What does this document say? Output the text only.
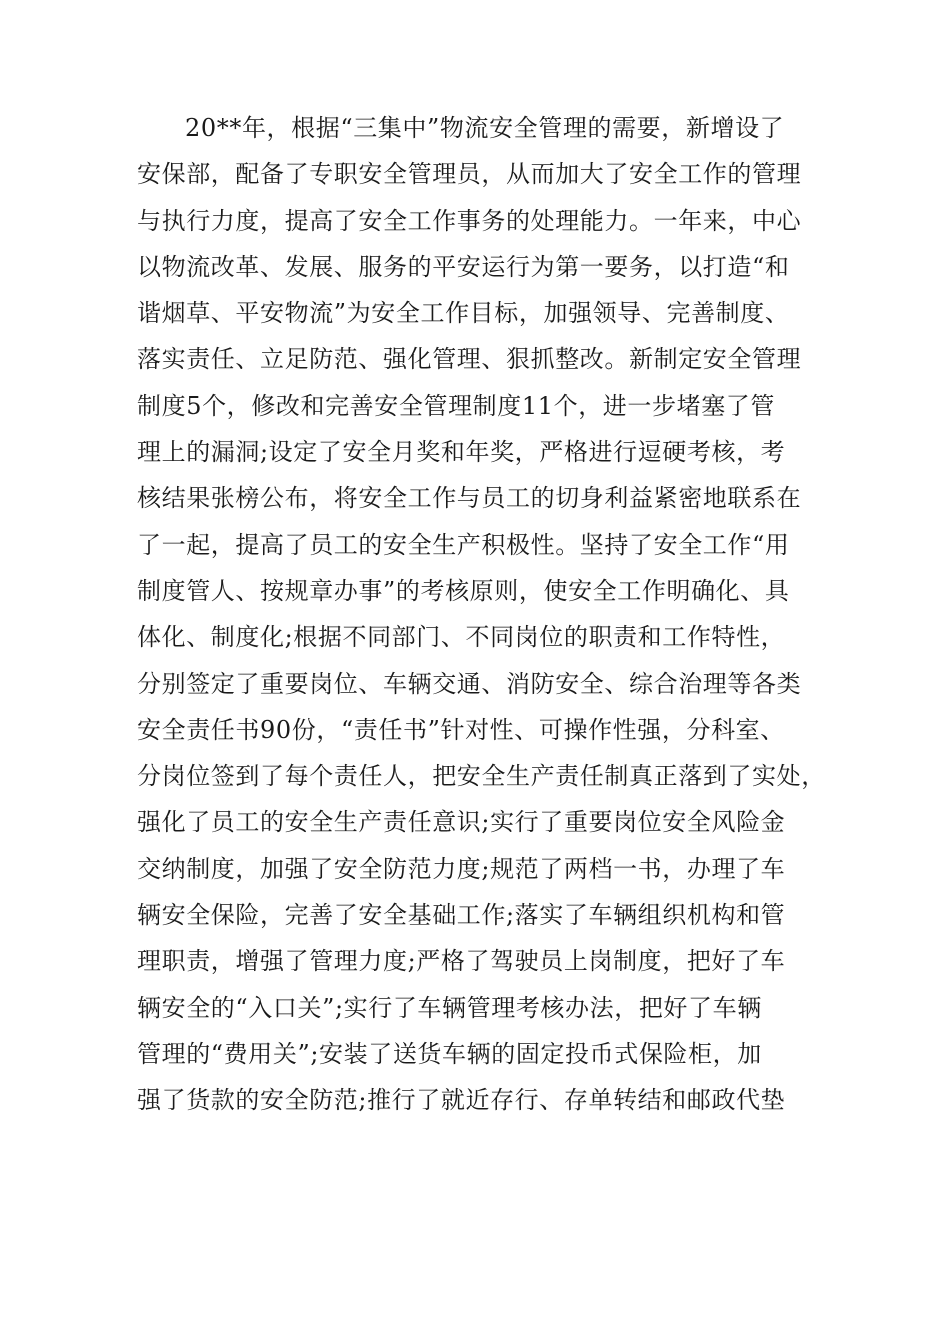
20**年，根据“三集中”物流安全管理的需要，新增设了
安保部，配备了专职安全管理员，从而加大了安全工作的管理
与执行力度，提高了安全工作事务的处理能力。一年来，中心
以物流改革、发展、服务的平安运行为第一要务，以打造“和
谐烟草、平安物流”为安全工作目标，加强领导、完善制度、
落实责任、立足防范、强化管理、狠抓整改。新制定安全管理
制度5个，修改和完善安全管理制度11个，进一步堵塞了管
理上的漏洞;设定了安全月奖和年奖，严格进行逗硬考核，考
核结果张榜公布，将安全工作与员工的切身利益紧密地联系在
了一起，提高了员工的安全生产积极性。坚持了安全工作“用
制度管人、按规章办事”的考核原则，使安全工作明确化、具
体化、制度化;根据不同部门、不同岗位的职责和工作特性，
分别签定了重要岗位、车辆交通、消防安全、综合治理等各类
安全责任书90份，“责任书”针对性、可操作性强，分科室、
分岗位签到了每个责任人，把安全生产责任制真正落到了实处，
强化了员工的安全生产责任意识;实行了重要岗位安全风险金
交纳制度，加强了安全防范力度;规范了两档一书，办理了车
辆安全保险，完善了安全基础工作;落实了车辆组织机构和管
理职责，增强了管理力度;严格了驾驶员上岗制度，把好了车
辆安全的“入口关”;实行了车辆管理考核办法，把好了车辆
管理的“费用关”;安装了送货车辆的固定投币式保险柜，加
强了货款的安全防范;推行了就近存行、存单转结和邮政代垫
